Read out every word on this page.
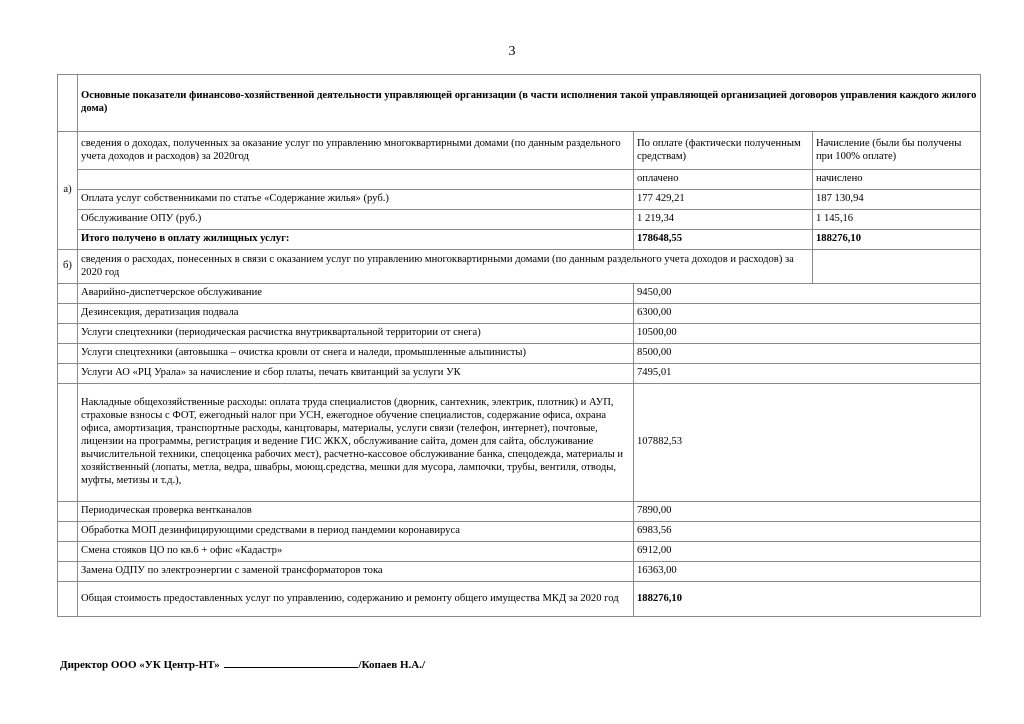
3
	Основные показатели финансово-хозяйственной деятельности управляющей организации (в части исполнения такой управляющей организацией договоров управления каждого жилого дома)		
а)	сведения о доходах, полученных за оказание услуг по управлению многоквартирными домами (по данным раздельного учета доходов и расходов) за 2020год	По оплате (фактически полученным средствам)	Начисление (были бы получены при 100% оплате)
		оплачено	начислено
	Оплата услуг собственниками по статье «Содержание жилья» (руб.)	177 429,21	187 130,94
	Обслуживание ОПУ (руб.)	1 219,34	1 145,16
	Итого получено в оплату жилищных услуг:	178648,55	188276,10
б)	сведения о расходах, понесенных в связи с оказанием услуг по управлению многоквартирными домами (по данным раздельного учета доходов и расходов) за 2020 год		
	Аварийно-диспетчерское обслуживание	9450,00	
	Дезинсекция, дератизация подвала	6300,00	
	Услуги спецтехники (периодическая расчистка внутриквартальной территории от снега)	10500,00	
	Услуги спецтехники (автовышка – очистка кровли от снега и наледи, промышленные альпинисты)	8500,00	
	Услуги АО «РЦ Урала» за начисление и сбор платы, печать квитанций за услуги УК	7495,01	
	Накладные общехозяйственные расходы: оплата труда специалистов (дворник, сантехник, электрик, плотник) и АУП, страховые взносы с ФОТ, ежегодный налог при УСН, ежегодное обучение специалистов, содержание офиса, охрана офиса, амортизация, транспортные расходы, канцтовары, материалы, услуги связи (телефон, интернет), почтовые, лицензии на программы, регистрация и ведение ГИС ЖКХ, обслуживание сайта, домен для сайта, обслуживание вычислительной техники, спецоценка рабочих мест), расчетно-кассовое обслуживание банка, спецодежда, материалы и хозяйственный (лопаты, метла, ведра, швабры, моющ.средства, мешки для мусора, лампочки, трубы, вентиля, отводы, муфты, метизы и т.д.),	107882,53	
	Периодическая проверка вентканалов	7890,00	
	Обработка МОП дезинфицирующими средствами в период пандемии коронавируса	6983,56	
	Смена стояков ЦО по кв.6 + офис «Кадастр»	6912,00	
	Замена ОДПУ по электроэнергии с заменой трансформаторов тока	16363,00	
	Общая стоимость предоставленных услуг по управлению, содержанию и ремонту общего имущества МКД за 2020 год	188276,10	
Директор ООО «УК Центр-НТ»	/Копаев Н.А./
